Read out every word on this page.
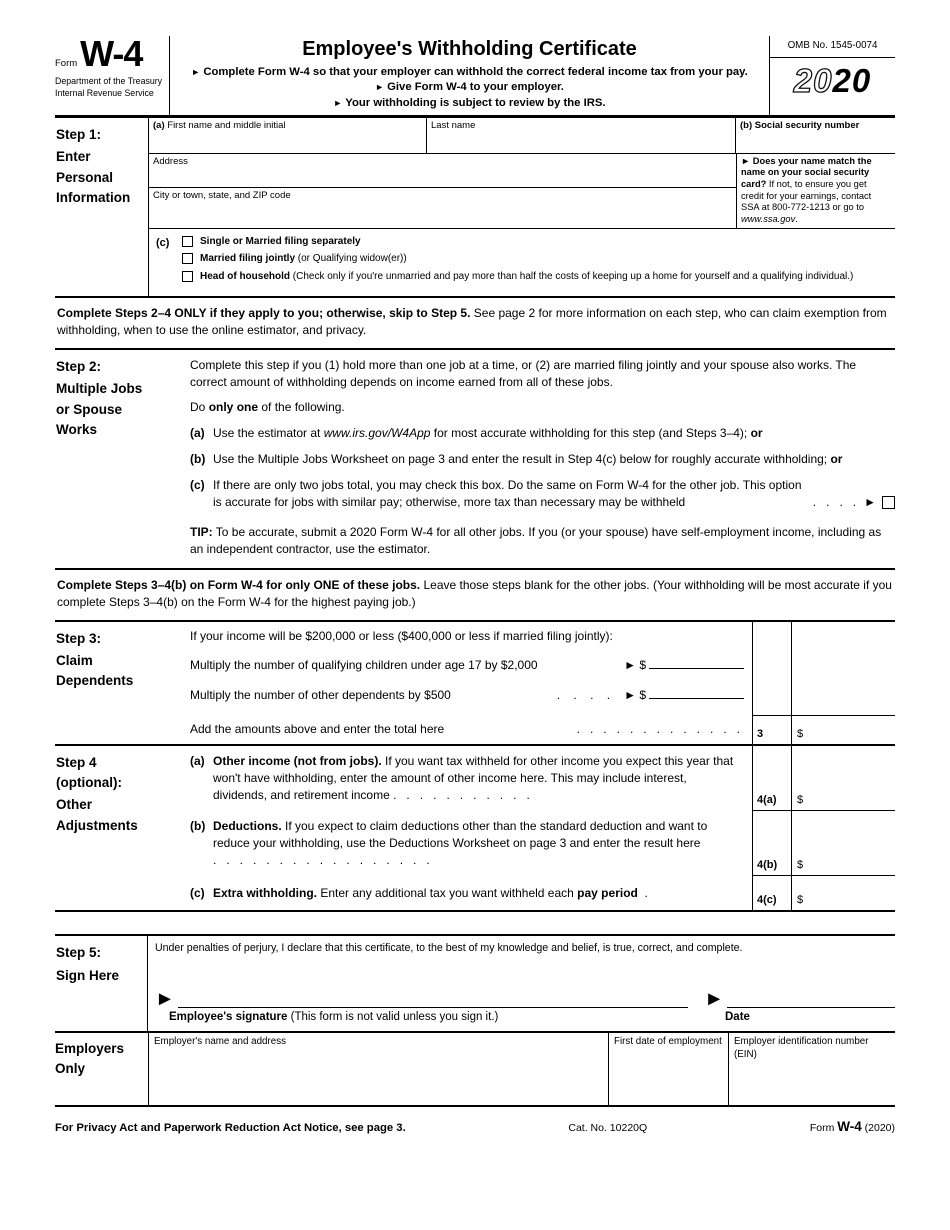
Form W-4
Department of the Treasury
Internal Revenue Service
Employee's Withholding Certificate
► Complete Form W-4 so that your employer can withhold the correct federal income tax from your pay.
► Give Form W-4 to your employer.
► Your withholding is subject to review by the IRS.
OMB No. 1545-0074
2020
Step 1:
Enter Personal Information
(a) First name and middle initial	Last name	(b) Social security number
Address
City or town, state, and ZIP code
► Does your name match the name on your social security card? If not, to ensure you get credit for your earnings, contact SSA at 800-772-1213 or go to www.ssa.gov.
(c)	Single or Married filing separately
Married filing jointly (or Qualifying widow(er))
Head of household (Check only if you're unmarried and pay more than half the costs of keeping up a home for yourself and a qualifying individual.)
Complete Steps 2–4 ONLY if they apply to you; otherwise, skip to Step 5. See page 2 for more information on each step, who can claim exemption from withholding, when to use the online estimator, and privacy.
Step 2:
Multiple Jobs or Spouse Works
Complete this step if you (1) hold more than one job at a time, or (2) are married filing jointly and your spouse also works. The correct amount of withholding depends on income earned from all of these jobs.
Do only one of the following.
(a) Use the estimator at www.irs.gov/W4App for most accurate withholding for this step (and Steps 3–4); or
(b) Use the Multiple Jobs Worksheet on page 3 and enter the result in Step 4(c) below for roughly accurate withholding; or
(c) If there are only two jobs total, you may check this box. Do the same on Form W-4 for the other job. This option
is accurate for jobs with similar pay; otherwise, more tax than necessary may be withheld	.   .   .   . ►
TIP: To be accurate, submit a 2020 Form W-4 for all other jobs. If you (or your spouse) have self-employment income, including as an independent contractor, use the estimator.
Complete Steps 3–4(b) on Form W-4 for only ONE of these jobs. Leave those steps blank for the other jobs. (Your withholding will be most accurate if you complete Steps 3–4(b) on the Form W-4 for the highest paying job.)
Step 3:
Claim Dependents
If your income will be $200,000 or less ($400,000 or less if married filing jointly):
Multiply the number of qualifying children under age 17 by $2,000	► $
Multiply the number of other dependents by $500	.    .    .    . ► $
Add the amounts above and enter the total here	.   .   .   .   .   .   .   .   .   .   .   .   .	3	$
Step 4 (optional):
Other Adjustments
(a) Other income (not from jobs). If you want tax withheld for other income you expect this year that won't have withholding, enter the amount of other income here. This may include interest, dividends, and retirement income .   .   .   .   .   .   .   .   .   .   .	4(a)	$
(b) Deductions. If you expect to claim deductions other than the standard deduction and want to reduce your withholding, use the Deductions Worksheet on page 3 and enter the result here .   .   .   .   .   .   .   .   .   .   .   .   .   .   .   .   .	4(b)	$
(c) Extra withholding. Enter any additional tax you want withheld each pay period  .
4(c)	$
Step 5:
Sign Here
Under penalties of perjury, I declare that this certificate, to the best of my knowledge and belief, is true, correct, and complete.
►	►
Employee's signature (This form is not valid unless you sign it.)	Date
Employers Only
Employer's name and address	First date of employment	Employer identification number (EIN)
For Privacy Act and Paperwork Reduction Act Notice, see page 3.	Cat. No. 10220Q	Form W-4 (2020)
